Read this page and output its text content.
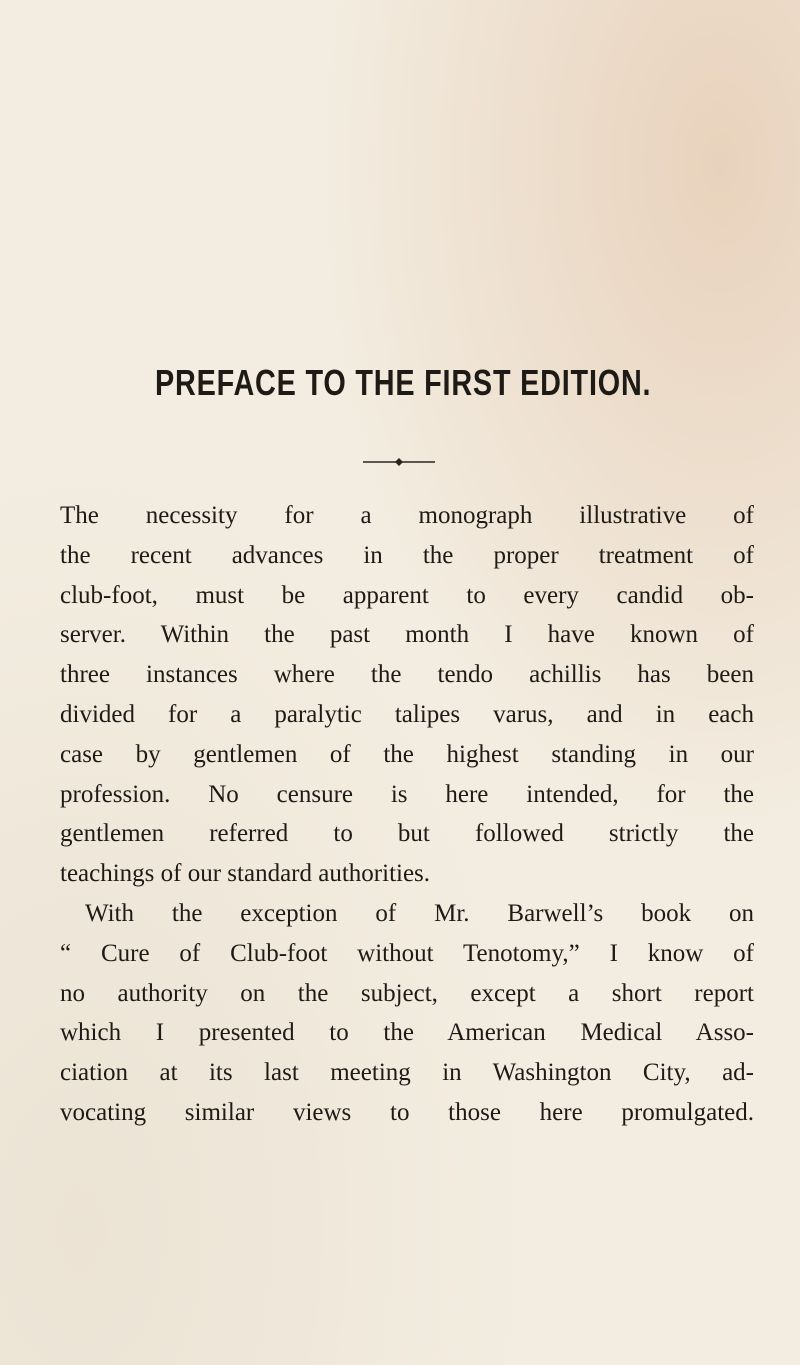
PREFACE TO THE FIRST EDITION.

The necessity for a monograph illustrative of
the recent advances in the proper treatment of
club-foot, must be apparent to every candid ob-
server. Within the past month I have known of
three instances where the tendo achillis has been
divided for a paralytic talipes varus, and in each
case by gentlemen of the highest standing in our
profession. No censure is here intended, for the
gentlemen referred to but followed strictly the
teachings of our standard authorities.

With the exception of Mr. Barwell’s book on
“ Cure of Club-foot without Tenotomy,” I know of
no authority on the subject, except a short report
which I presented to the American Medical Asso-
ciation at its last meeting in Washington City, ad-
vocating similar views to those here promulgated.
